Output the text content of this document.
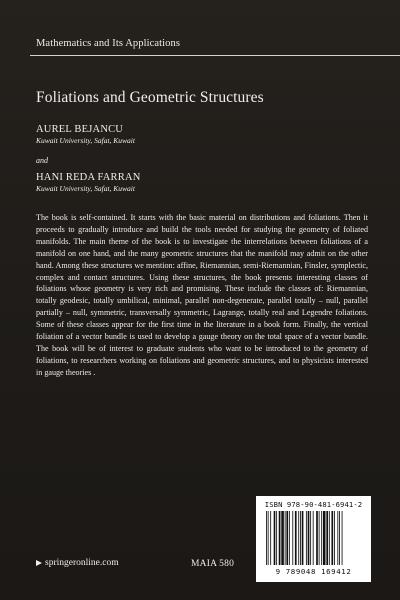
Mathematics and Its Applications
Foliations and Geometric Structures
AUREL BEJANCU
Kuwait University, Safat, Kuwait
and
HANI REDA FARRAN
Kuwait University, Safat, Kuwait

The book is self-contained. It starts with the basic material on distributions and foliations. Then it proceeds to gradually introduce and build the tools needed for studying the geometry of foliated manifolds. The main theme of the book is to investigate the interrelations between foliations of a manifold on one hand, and the many geometric structures that the manifold may admit on the other hand. Among these structures we mention: affine, Riemannian, semi-Riemannian, Finsler, symplectic, complex and contact structures. Using these structures, the book presents interesting classes of foliations whose geometry is very rich and promising. These include the classes of: Riemannian, totally geodesic, totally umbilical, minimal, parallel non-degenerate, parallel totally – null, parallel partially – null, symmetric, transversally symmetric, Lagrange, totally real and Legendre foliations. Some of these classes appear for the first time in the literature in a book form. Finally, the vertical foliation of a vector bundle is used to develop a gauge theory on the total space of a vector bundle. The book will be of interest to graduate students who want to be introduced to the geometry of foliations, to researchers working on foliations and geometric structures, and to physicists interested in gauge theories .

ISBN 978-90-481-6941-2
9 789048 169412
springeronline.com	MAIA 580
